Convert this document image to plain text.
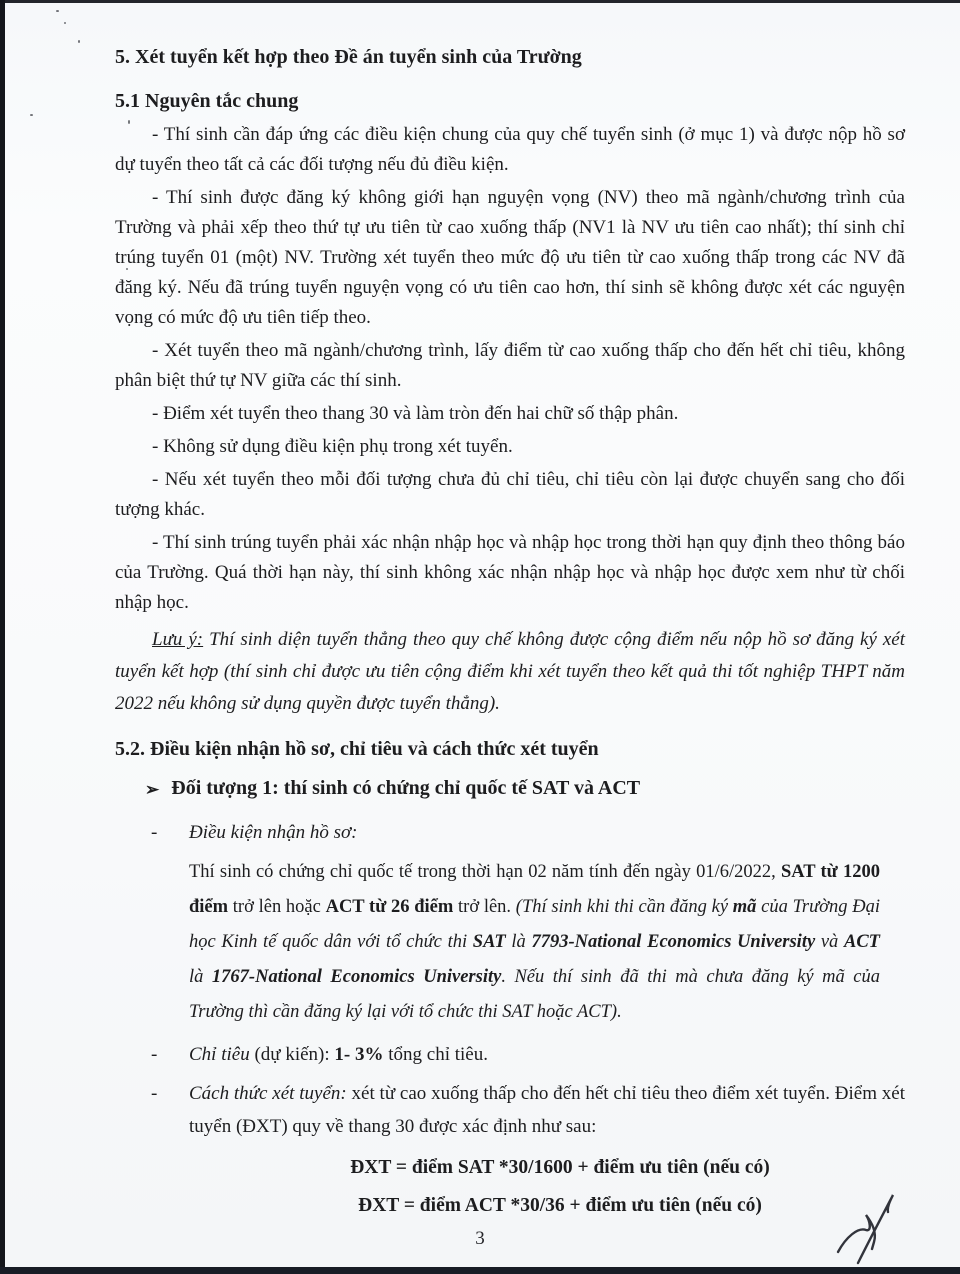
5. Xét tuyển kết hợp theo Đề án tuyển sinh của Trường
5.1 Nguyên tắc chung

- Thí sinh cần đáp ứng các điều kiện chung của quy chế tuyển sinh (ở mục 1) và được nộp hồ sơ dự tuyển theo tất cả các đối tượng nếu đủ điều kiện.

- Thí sinh được đăng ký không giới hạn nguyện vọng (NV) theo mã ngành/chương trình của Trường và phải xếp theo thứ tự ưu tiên từ cao xuống thấp (NV1 là NV ưu tiên cao nhất); thí sinh chỉ trúng tuyển 01 (một) NV. Trường xét tuyển theo mức độ ưu tiên từ cao xuống thấp trong các NV đã đăng ký. Nếu đã trúng tuyển nguyện vọng có ưu tiên cao hơn, thí sinh sẽ không được xét các nguyện vọng có mức độ ưu tiên tiếp theo.

- Xét tuyển theo mã ngành/chương trình, lấy điểm từ cao xuống thấp cho đến hết chỉ tiêu, không phân biệt thứ tự NV giữa các thí sinh.

- Điểm xét tuyển theo thang 30 và làm tròn đến hai chữ số thập phân.

- Không sử dụng điều kiện phụ trong xét tuyển.

- Nếu xét tuyển theo mỗi đối tượng chưa đủ chỉ tiêu, chỉ tiêu còn lại được chuyển sang cho đối tượng khác.

- Thí sinh trúng tuyển phải xác nhận nhập học và nhập học trong thời hạn quy định theo thông báo của Trường. Quá thời hạn này, thí sinh không xác nhận nhập học và nhập học được xem như từ chối nhập học.

Lưu ý: Thí sinh diện tuyển thẳng theo quy chế không được cộng điểm nếu nộp hồ sơ đăng ký xét tuyển kết hợp (thí sinh chỉ được ưu tiên cộng điểm khi xét tuyển theo kết quả thi tốt nghiệp THPT năm 2022 nếu không sử dụng quyền được tuyển thẳng).

5.2. Điều kiện nhận hồ sơ, chỉ tiêu và cách thức xét tuyển
➢ Đối tượng 1: thí sinh có chứng chỉ quốc tế SAT và ACT
-	Điều kiện nhận hồ sơ:

Thí sinh có chứng chỉ quốc tế trong thời hạn 02 năm tính đến ngày 01/6/2022, SAT từ 1200 điểm trở lên hoặc ACT từ 26 điểm trở lên. (Thí sinh khi thi cần đăng ký mã của Trường Đại học Kinh tế quốc dân với tổ chức thi SAT là 7793-National Economics University và ACT là 1767-National Economics University. Nếu thí sinh đã thi mà chưa đăng ký mã của Trường thì cần đăng ký lại với tổ chức thi SAT hoặc ACT).

-	Chỉ tiêu (dự kiến): 1- 3% tổng chỉ tiêu.
-	Cách thức xét tuyển: xét từ cao xuống thấp cho đến hết chỉ tiêu theo điểm xét tuyển. Điểm xét tuyển (ĐXT) quy về thang 30 được xác định như sau:
ĐXT = điểm SAT *30/1600 + điểm ưu tiên (nếu có)
ĐXT = điểm ACT *30/36 + điểm ưu tiên (nếu có)
3
